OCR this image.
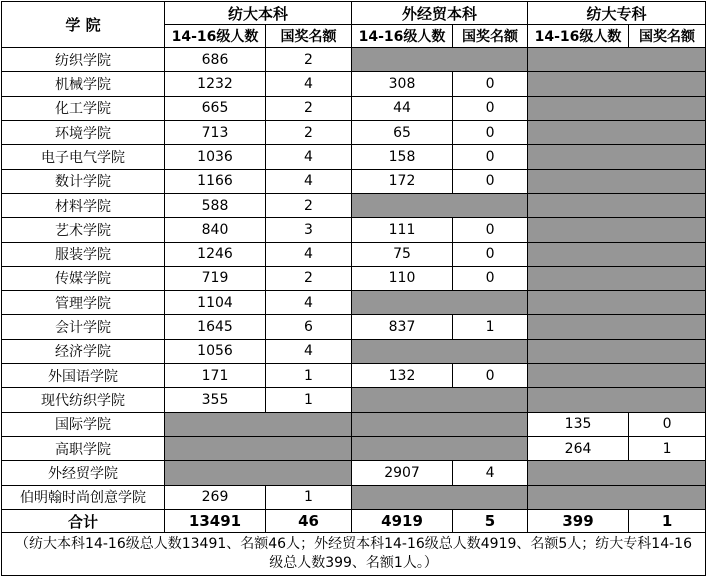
学 院	纺大本科		外经贸本科		纺大专科	
	14-16级人数	国奖名额	14-16级人数	国奖名额	14-16级人数	国奖名额
纺织学院	686	2				
机械学院	1232	4	308	0		
化工学院	665	2	44	0		
环境学院	713	2	65	0		
电子电气学院	1036	4	158	0		
数计学院	1166	4	172	0		
材料学院	588	2				
艺术学院	840	3	111	0		
服装学院	1246	4	75	0		
传媒学院	719	2	110	0		
管理学院	1104	4				
会计学院	1645	6	837	1		
经济学院	1056	4				
外国语学院	171	1	132	0		
现代纺织学院	355	1				
国际学院					135	0
高职学院					264	1
外经贸学院			2907	4		
伯明翰时尚创意学院	269	1				
合计	13491	46	4919	5	399	1
（纺大本科14-16级总人数13491、名额46人；外经贸本科14-16级总人数4919、名额5人；纺大专科14-16级总人数399、名额1人。）						
